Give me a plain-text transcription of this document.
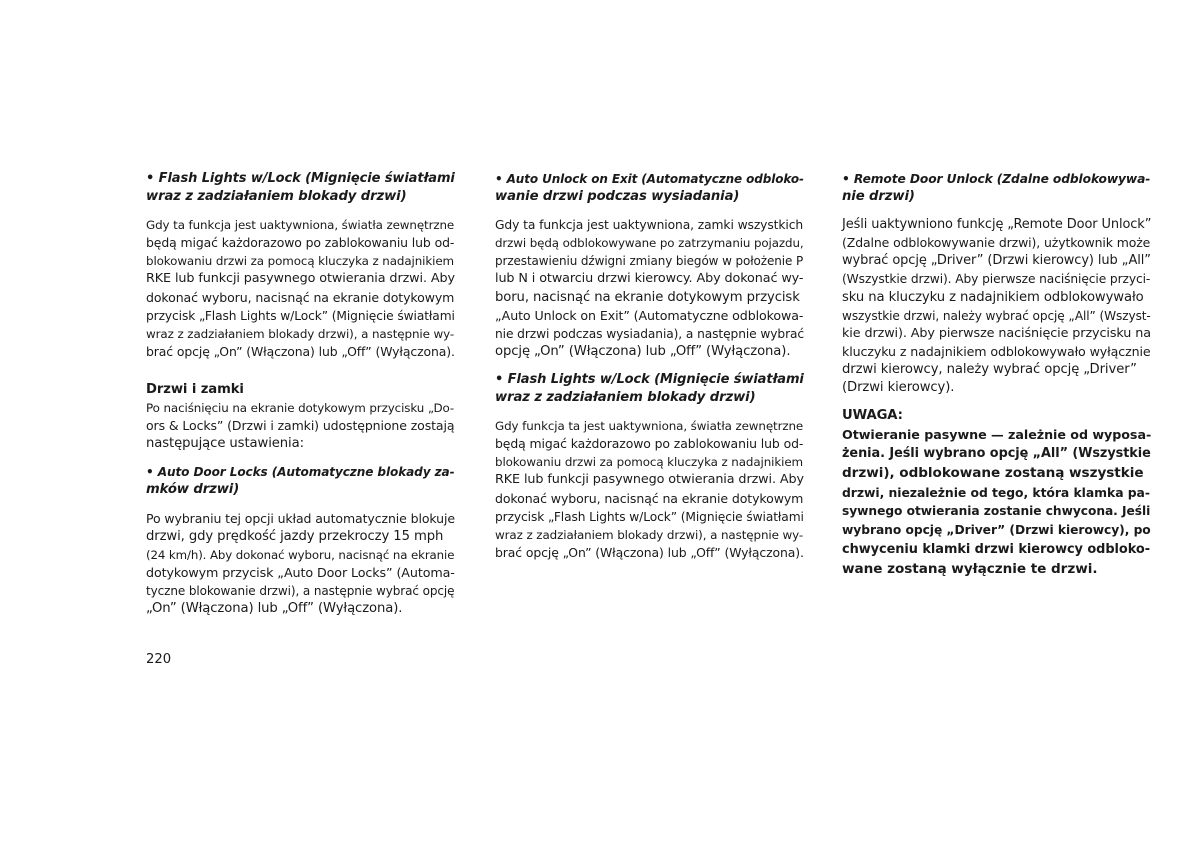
• Flash Lights w/Lock (Mignięcie światłami
wraz z zadziałaniem blokady drzwi)
Gdy ta funkcja jest uaktywniona, światła zewnętrzne
będą migać każdorazowo po zablokowaniu lub od-
blokowaniu drzwi za pomocą kluczyka z nadajnikiem
RKE lub funkcji pasywnego otwierania drzwi. Aby
dokonać wyboru, nacisnąć na ekranie dotykowym
przycisk „Flash Lights w/Lock” (Mignięcie światłami
wraz z zadziałaniem blokady drzwi), a następnie wy-
brać opcję „On” (Włączona) lub „Off” (Wyłączona).
Drzwi i zamki
Po naciśnięciu na ekranie dotykowym przycisku „Do-
ors & Locks” (Drzwi i zamki) udostępnione zostają
następujące ustawienia:
• Auto Door Locks (Automatyczne blokady za-
mków drzwi)
Po wybraniu tej opcji układ automatycznie blokuje
drzwi, gdy prędkość jazdy przekroczy 15 mph
(24 km/h). Aby dokonać wyboru, nacisnąć na ekranie
dotykowym przycisk „Auto Door Locks” (Automa-
tyczne blokowanie drzwi), a następnie wybrać opcję
„On” (Włączona) lub „Off” (Wyłączona).
• Auto Unlock on Exit (Automatyczne odbloko-
wanie drzwi podczas wysiadania)
Gdy ta funkcja jest uaktywniona, zamki wszystkich
drzwi będą odblokowywane po zatrzymaniu pojazdu,
przestawieniu dźwigni zmiany biegów w położenie P
lub N i otwarciu drzwi kierowcy. Aby dokonać wy-
boru, nacisnąć na ekranie dotykowym przycisk
„Auto Unlock on Exit” (Automatyczne odblokowa-
nie drzwi podczas wysiadania), a następnie wybrać
opcję „On” (Włączona) lub „Off” (Wyłączona).
• Flash Lights w/Lock (Mignięcie światłami
wraz z zadziałaniem blokady drzwi)
Gdy funkcja ta jest uaktywniona, światła zewnętrzne
będą migać każdorazowo po zablokowaniu lub od-
blokowaniu drzwi za pomocą kluczyka z nadajnikiem
RKE lub funkcji pasywnego otwierania drzwi. Aby
dokonać wyboru, nacisnąć na ekranie dotykowym
przycisk „Flash Lights w/Lock” (Mignięcie światłami
wraz z zadziałaniem blokady drzwi), a następnie wy-
brać opcję „On” (Włączona) lub „Off” (Wyłączona).
• Remote Door Unlock (Zdalne odblokowywa-
nie drzwi)
Jeśli uaktywniono funkcję „Remote Door Unlock”
(Zdalne odblokowywanie drzwi), użytkownik może
wybrać opcję „Driver” (Drzwi kierowcy) lub „All”
(Wszystkie drzwi). Aby pierwsze naciśnięcie przyci-
sku na kluczyku z nadajnikiem odblokowywało
wszystkie drzwi, należy wybrać opcję „All” (Wszyst-
kie drzwi). Aby pierwsze naciśnięcie przycisku na
kluczyku z nadajnikiem odblokowywało wyłącznie
drzwi kierowcy, należy wybrać opcję „Driver”
(Drzwi kierowcy).
UWAGA:
Otwieranie pasywne — zależnie od wyposa-
żenia. Jeśli wybrano opcję „All” (Wszystkie
drzwi), odblokowane zostaną wszystkie
drzwi, niezależnie od tego, która klamka pa-
sywnego otwierania zostanie chwycona. Jeśli
wybrano opcję „Driver” (Drzwi kierowcy), po
chwyceniu klamki drzwi kierowcy odbloko-
wane zostaną wyłącznie te drzwi.
220
